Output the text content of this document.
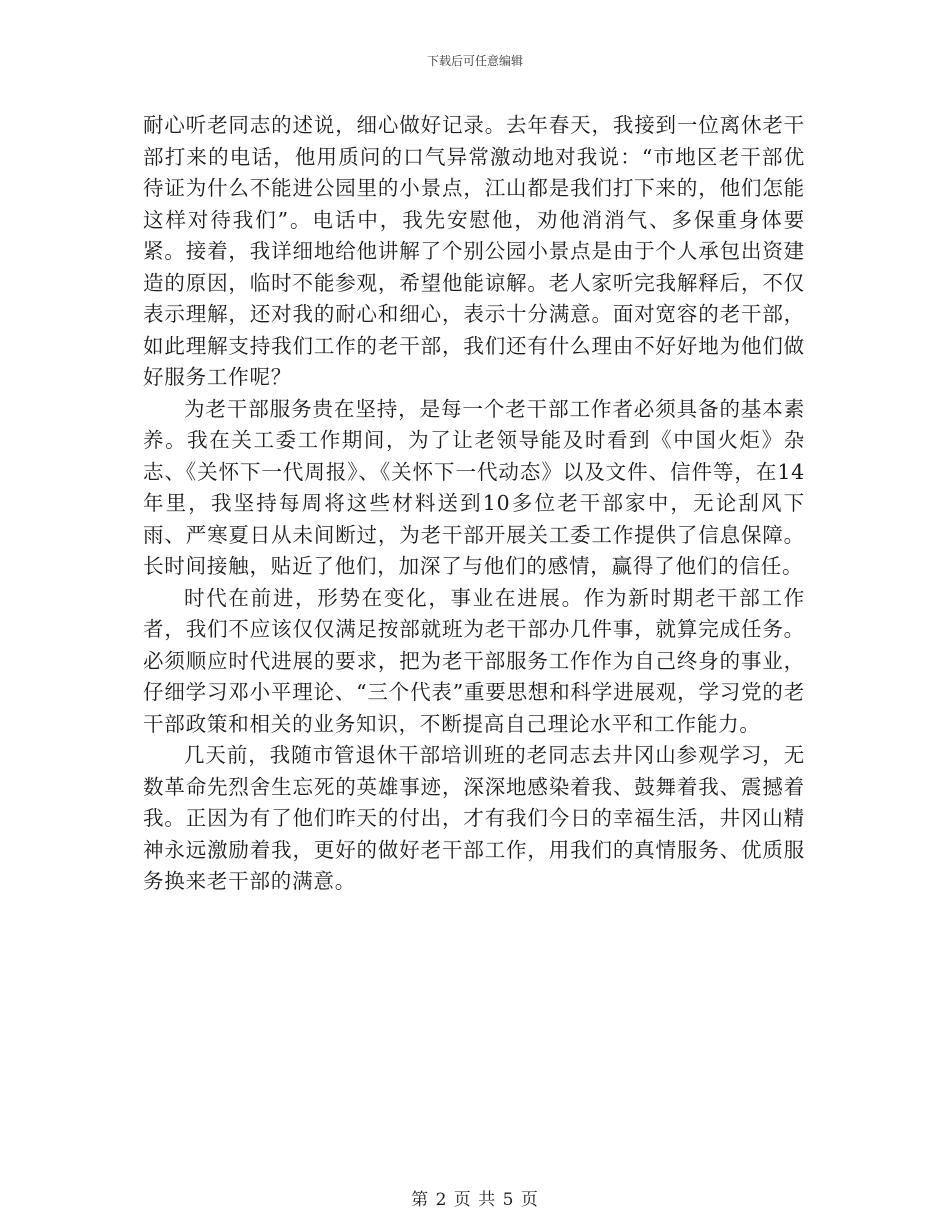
下载后可任意编辑

耐心听老同志的述说，细心做好记录。去年春天，我接到一位离休老干部打来的电话，他用质问的口气异常激动地对我说：“市地区老干部优待证为什么不能进公园里的小景点，江山都是我们打下来的，他们怎能这样对待我们”。电话中，我先安慰他，劝他消消气、多保重身体要紧。接着，我详细地给他讲解了个别公园小景点是由于个人承包出资建造的原因，临时不能参观，希望他能谅解。老人家听完我解释后，不仅表示理解，还对我的耐心和细心，表示十分满意。面对宽容的老干部，如此理解支持我们工作的老干部，我们还有什么理由不好好地为他们做好服务工作呢？

为老干部服务贵在坚持，是每一个老干部工作者必须具备的基本素养。我在关工委工作期间，为了让老领导能及时看到《中国火炬》杂志、《关怀下一代周报》、《关怀下一代动态》以及文件、信件等，在14年里，我坚持每周将这些材料送到10多位老干部家中，无论刮风下雨、严寒夏日从未间断过，为老干部开展关工委工作提供了信息保障。长时间接触，贴近了他们，加深了与他们的感情，赢得了他们的信任。

时代在前进，形势在变化，事业在进展。作为新时期老干部工作者，我们不应该仅仅满足按部就班为老干部办几件事，就算完成任务。必须顺应时代进展的要求，把为老干部服务工作作为自己终身的事业，仔细学习邓小平理论、“三个代表”重要思想和科学进展观，学习党的老干部政策和相关的业务知识，不断提高自己理论水平和工作能力。

几天前，我随市管退休干部培训班的老同志去井冈山参观学习，无数革命先烈舍生忘死的英雄事迹，深深地感染着我、鼓舞着我、震撼着我。正因为有了他们昨天的付出，才有我们今日的幸福生活，井冈山精神永远激励着我，更好的做好老干部工作，用我们的真情服务、优质服务换来老干部的满意。

第 2 页 共 5 页
